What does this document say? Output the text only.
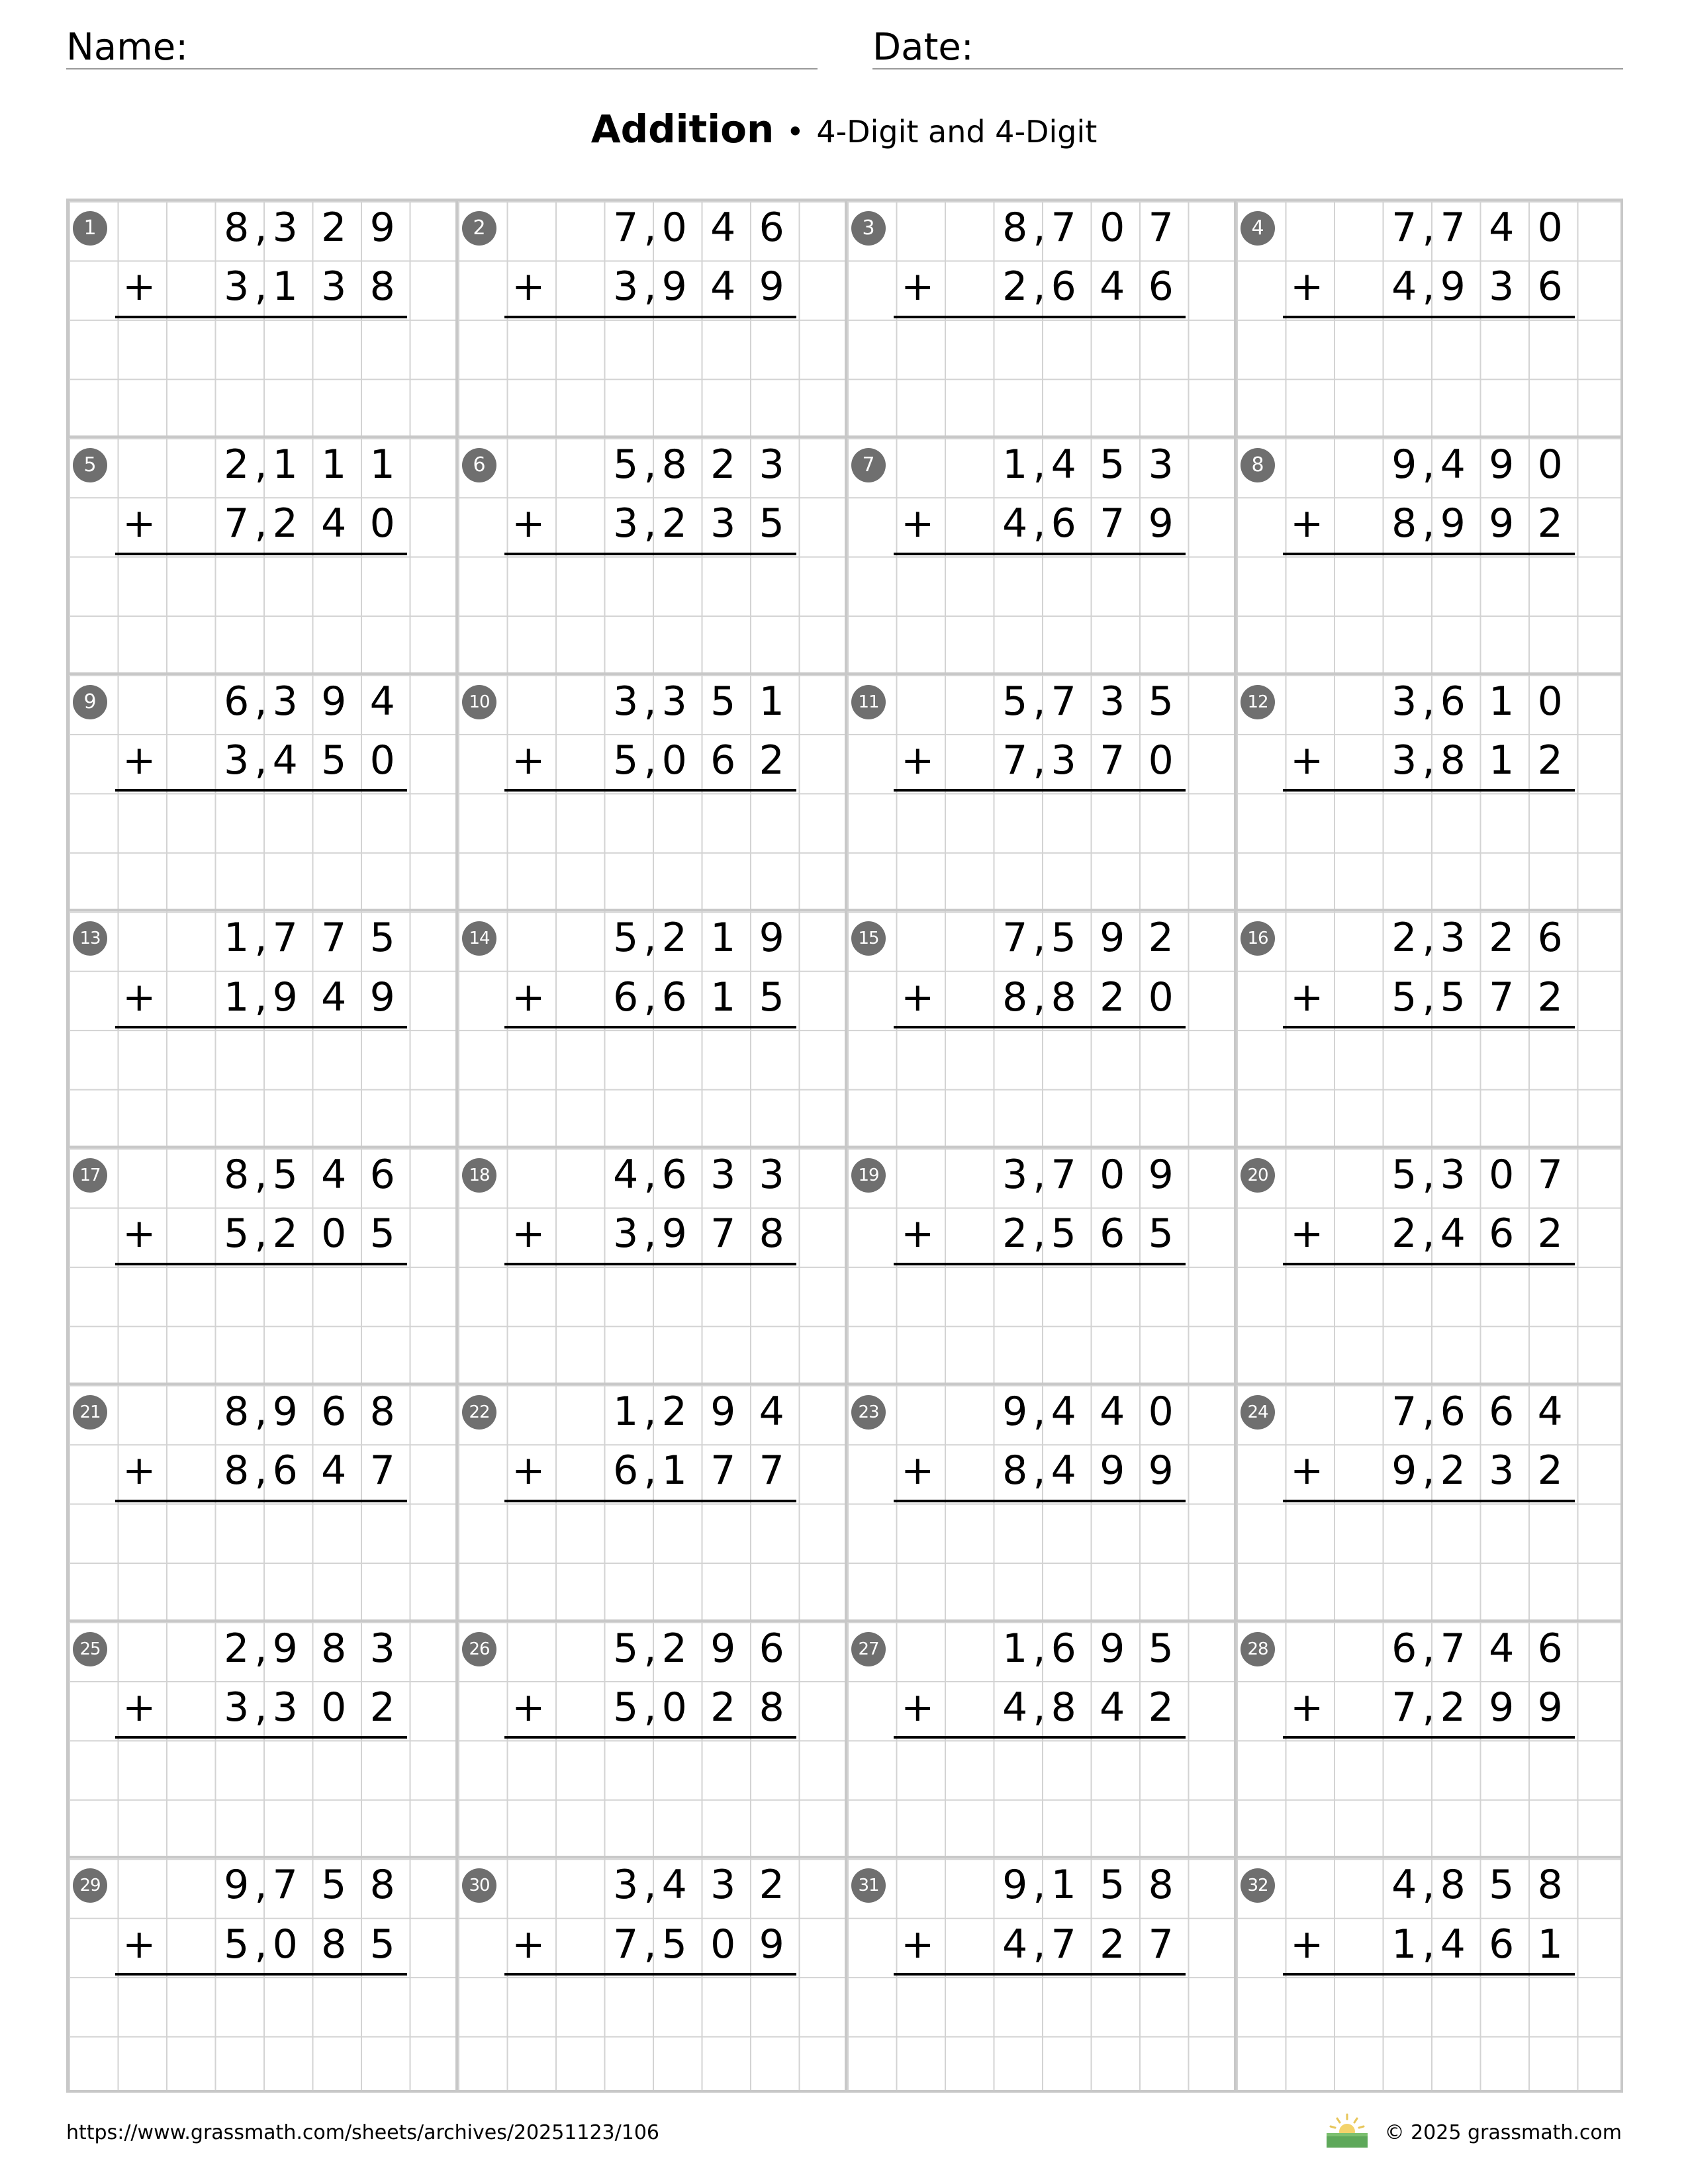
Name:	Date:
Addition • 4-Digit and 4-Digit
1	8 3 2 9
,
3 1 3 8
,
+
2	7 0 4 6
,
3 9 4 9
,
+
3	8 7 0 7
,
2 6 4 6
,
+
4	7 7 4 0
,
4 9 3 6
,
+
5	2 1 1 1
,
7 2 4 0
,
+
6	5 8 2 3
,
3 2 3 5
,
+
7	1 4 5 3
,
4 6 7 9
,
+
8	9 4 9 0
,
8 9 9 2
,
+
9	6 3 9 4
,
3 4 5 0
,
+
10	3 3 5 1
,
5 0 6 2
,
+
11	5 7 3 5
,
7 3 7 0
,
+
12	3 6 1 0
,
3 8 1 2
,
+
13	1 7 7 5
,
1 9 4 9
,
+
14	5 2 1 9
,
6 6 1 5
,
+
15	7 5 9 2
,
8 8 2 0
,
+
16	2 3 2 6
,
5 5 7 2
,
+
17	8 5 4 6
,
5 2 0 5
,
+
18	4 6 3 3
,
3 9 7 8
,
+
19	3 7 0 9
,
2 5 6 5
,
+
20	5 3 0 7
,
2 4 6 2
,
+
21	8 9 6 8
,
8 6 4 7
,
+
22	1 2 9 4
,
6 1 7 7
,
+
23	9 4 4 0
,
8 4 9 9
,
+
24	7 6 6 4
,
9 2 3 2
,
+
25	2 9 8 3
,
3 3 0 2
,
+
26	5 2 9 6
,
5 0 2 8
,
+
27	1 6 9 5
,
4 8 4 2
,
+
28	6 7 4 6
,
7 2 9 9
,
+
29	9 7 5 8
,
5 0 8 5
,
+
30	3 4 3 2
,
7 5 0 9
,
+
31	9 1 5 8
,
4 7 2 7
,
+
32	4 8 5 8
,
1 4 6 1
,
+
https://www.grassmath.com/sheets/archives/20251123/106	© 2025 grassmath.com
